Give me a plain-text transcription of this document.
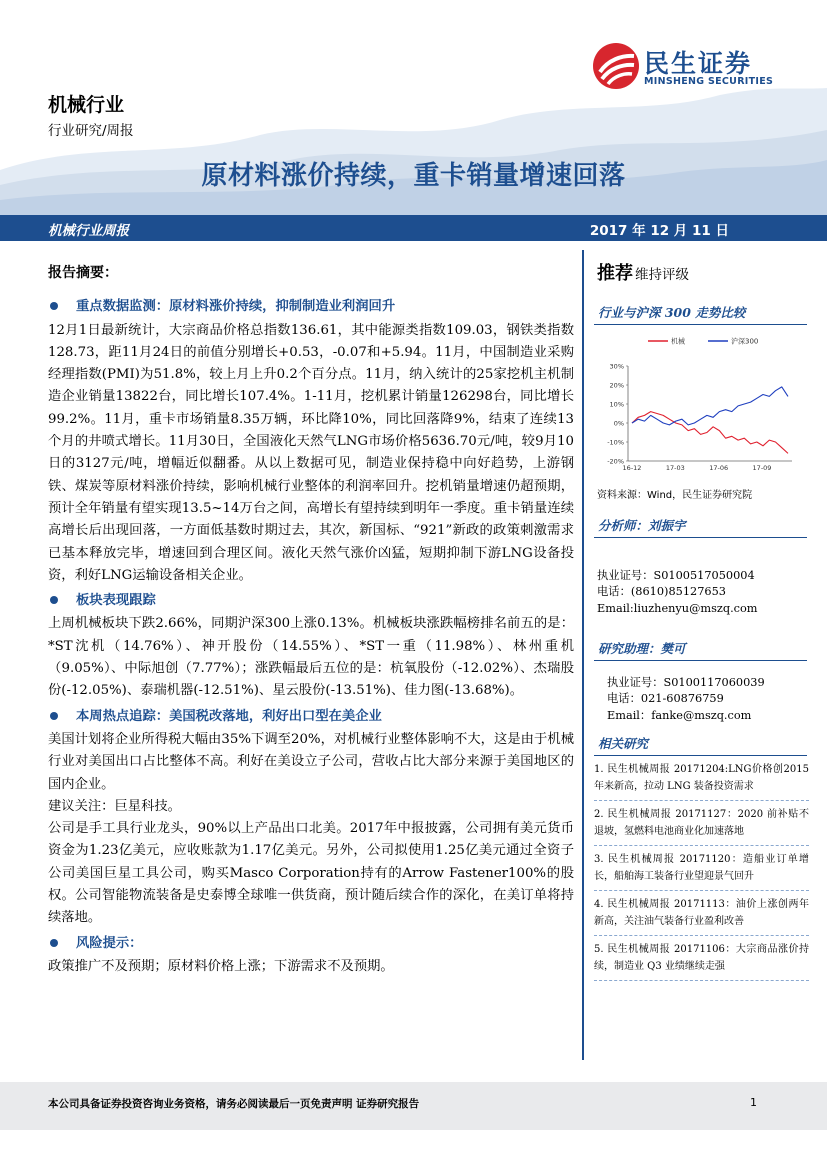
民生证券
MINSHENG SECURITIES
机械行业
行业研究/周报
原材料涨价持续，重卡销量增速回落
机械行业周报	2017 年 12 月 11 日

报告摘要：

重点数据监测：原材料涨价持续，抑制制造业利润回升

12月1日最新统计，大宗商品价格总指数136.61，其中能源类指数109.03，钢铁类指数128.73，距11月24日的前值分别增长+0.53，-0.07和+5.94。11月，中国制造业采购经理指数(PMI)为51.8%，较上月上升0.2个百分点。11月，纳入统计的25家挖机主机制造企业销量13822台，同比增长107.4%。1-11月，挖机累计销量126298台，同比增长99.2%。11月，重卡市场销量8.35万辆，环比降10%，同比回落降9%，结束了连续13个月的井喷式增长。11月30日，全国液化天然气LNG市场价格5636.70元/吨，较9月10日的3127元/吨，增幅近似翻番。从以上数据可见，制造业保持稳中向好趋势，上游钢铁、煤炭等原材料涨价持续，影响机械行业整体的利润率回升。挖机销量增速仍超预期，预计全年销量有望实现13.5~14万台之间，高增长有望持续到明年一季度。重卡销量连续高增长后出现回落，一方面低基数时期过去，其次，新国标、“921”新政的政策刺激需求已基本释放完毕，增速回到合理区间。液化天然气涨价凶猛，短期抑制下游LNG设备投资，利好LNG运输设备相关企业。

板块表现跟踪

上周机械板块下跌2.66%，同期沪深300上涨0.13%。机械板块涨跌幅榜排名前五的是：*ST沈机（14.76%）、神开股份（14.55%）、*ST一重（11.98%）、林州重机（9.05%）、中际旭创（7.77%）；涨跌幅最后五位的是：杭氧股份（-12.02%）、杰瑞股份(-12.05%)、泰瑞机器(-12.51%)、星云股份(-13.51%)、佳力图(-13.68%)。

本周热点追踪：美国税改落地，利好出口型在美企业

美国计划将企业所得税大幅由35%下调至20%，对机械行业整体影响不大，这是由于机械行业对美国出口占比整体不高。利好在美设立子公司，营收占比大部分来源于美国地区的国内企业。

建议关注：巨星科技。

公司是手工具行业龙头，90%以上产品出口北美。2017年中报披露，公司拥有美元货币资金为1.23亿美元，应收账款为1.17亿美元。另外，公司拟使用1.25亿美元通过全资子公司美国巨星工具公司，购买Masco Corporation持有的Arrow Fastener100%的股权。公司智能物流装备是史泰博全球唯一供货商，预计随后续合作的深化，在美订单将持续落地。

风险提示：

政策推广不及预期；原材料价格上涨；下游需求不及预期。

推荐 维持评级
行业与沪深 300 走势比较
30%
20%
10%
0%
-10%
-20%
16-12	17-03	17-06	17-09
机械	沪深300
资料来源：Wind，民生证券研究院
分析师：刘振宇
执业证号：S0100517050004
电话：(8610)85127653
Email:liuzhenyu@mszq.com
研究助理：樊可
执业证号：S0100117060039
电话：021-60876759
Email：fanke@mszq.com
相关研究
1. 民生机械周报 20171204:LNG价格创2015年来新高，拉动 LNG 装备投资需求
2. 民生机械周报 20171127：2020 前补贴不退坡，氢燃料电池商业化加速落地
3. 民生机械周报 20171120：造船业订单增长，船舶海工装备行业望迎景气回升
4. 民生机械周报 20171113：油价上涨创两年新高，关注油气装备行业盈利改善
5. 民生机械周报 20171106：大宗商品涨价持续，制造业 Q3 业绩继续走强
本公司具备证券投资咨询业务资格，请务必阅读最后一页免责声明 证券研究报告	1
